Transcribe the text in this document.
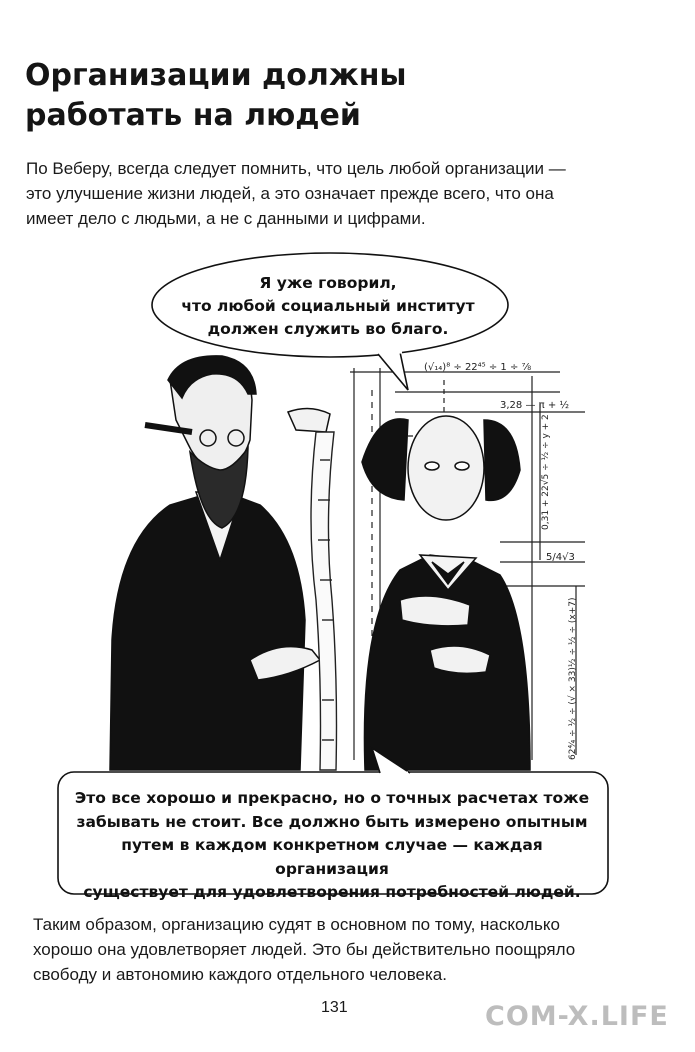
Организации должны
работать на людей

По Веберу, всегда следует помнить, что цель любой организации —
это улучшение жизни людей, а это означает прежде всего, что она
имеет дело с людьми, а не с данными и цифрами.

(√₁₄)⁸ ÷ 22⁴⁵ ÷ 1 ÷ ⅞
3,28 — π + ½
0,31 + 22√5 ÷ ½ ÷ y + 2
5/4√3
62⁴⁄₄ ÷ ½ ÷ (√ × 33)½ ÷ ½ ÷ (x+7)
Я уже говорил,
что любой социальный институт
должен служить во благо.
Это все хорошо и прекрасно, но о точных расчетах тоже
забывать не стоит. Все должно быть измерено опытным
путем в каждом конкретном случае — каждая организация
существует для удовлетворения потребностей людей.

Таким образом, организацию судят в основном по тому, насколько
хорошо она удовлетворяет людей. Это бы действительно поощряло
свободу и автономию каждого отдельного человека.

131	COM-X.LIFE
